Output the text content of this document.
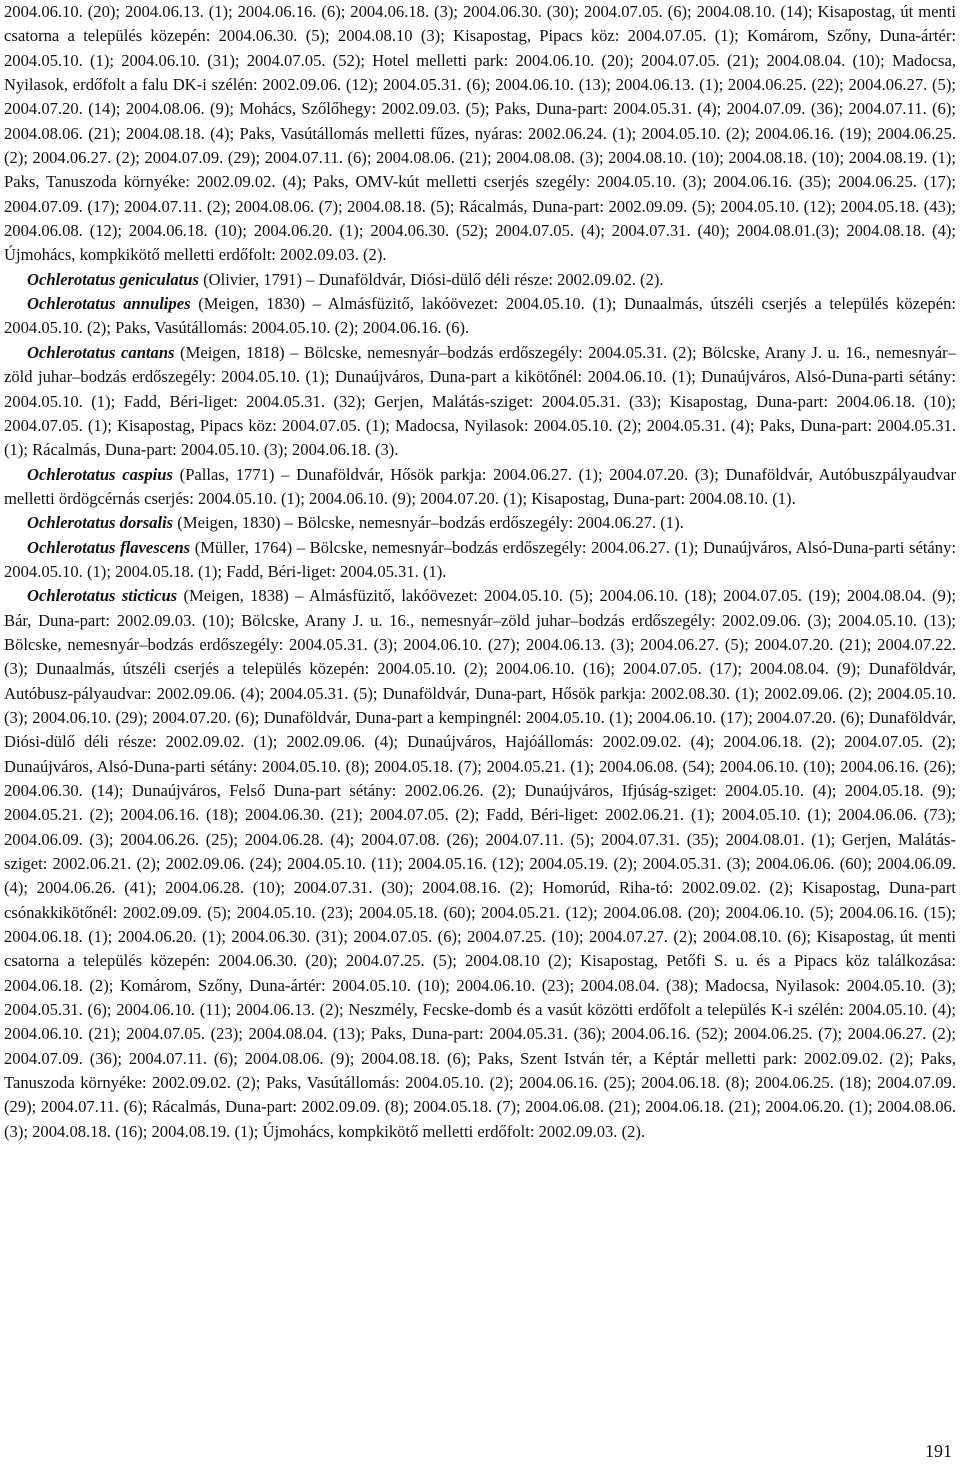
2004.06.10. (20); 2004.06.13. (1); 2004.06.16. (6); 2004.06.18. (3); 2004.06.30. (30); 2004.07.05. (6); 2004.08.10. (14); Kisapostag, út menti csatorna a település közepén: 2004.06.30. (5); 2004.08.10 (3); Kisapostag, Pipacs köz: 2004.07.05. (1); Komárom, Szőny, Duna-ártér: 2004.05.10. (1); 2004.06.10. (31); 2004.07.05. (52); Hotel melletti park: 2004.06.10. (20); 2004.07.05. (21); 2004.08.04. (10); Madocsa, Nyilasok, erdőfolt a falu DK-i szélén: 2002.09.06. (12); 2004.05.31. (6); 2004.06.10. (13); 2004.06.13. (1); 2004.06.25. (22); 2004.06.27. (5); 2004.07.20. (14); 2004.08.06. (9); Mohács, Szőlőhegy: 2002.09.03. (5); Paks, Duna-part: 2004.05.31. (4); 2004.07.09. (36); 2004.07.11. (6); 2004.08.06. (21); 2004.08.18. (4); Paks, Vasútállomás melletti fűzes, nyáras: 2002.06.24. (1); 2004.05.10. (2); 2004.06.16. (19); 2004.06.25. (2); 2004.06.27. (2); 2004.07.09. (29); 2004.07.11. (6); 2004.08.06. (21); 2004.08.08. (3); 2004.08.10. (10); 2004.08.18. (10); 2004.08.19. (1); Paks, Tanuszoda környéke: 2002.09.02. (4); Paks, OMV-kút melletti cserjés szegély: 2004.05.10. (3); 2004.06.16. (35); 2004.06.25. (17); 2004.07.09. (17); 2004.07.11. (2); 2004.08.06. (7); 2004.08.18. (5); Rácalmás, Duna-part: 2002.09.09. (5); 2004.05.10. (12); 2004.05.18. (43); 2004.06.08. (12); 2004.06.18. (10); 2004.06.20. (1); 2004.06.30. (52); 2004.07.05. (4); 2004.07.31. (40); 2004.08.01.(3); 2004.08.18. (4); Újmohács, kompkikötő melletti erdőfolt: 2002.09.03. (2).

Ochlerotatus geniculatus (Olivier, 1791) – Dunaföldvár, Diósi-dülő déli része: 2002.09.02. (2).

Ochlerotatus annulipes (Meigen, 1830) – Almásfüzitő, lakóövezet: 2004.05.10. (1); Dunaalmás, útszéli cserjés a település közepén: 2004.05.10. (2); Paks, Vasútállomás: 2004.05.10. (2); 2004.06.16. (6).

Ochlerotatus cantans (Meigen, 1818) – Bölcske, nemesnyár–bodzás erdőszegély: 2004.05.31. (2); Bölcske, Arany J. u. 16., nemesnyár–zöld juhar–bodzás erdőszegély: 2004.05.10. (1); Dunaújváros, Duna-part a kikötőnél: 2004.06.10. (1); Dunaújváros, Alsó-Duna-parti sétány: 2004.05.10. (1); Fadd, Béri-liget: 2004.05.31. (32); Gerjen, Malátás-sziget: 2004.05.31. (33); Kisapostag, Duna-part: 2004.06.18. (10); 2004.07.05. (1); Kisapostag, Pipacs köz: 2004.07.05. (1); Madocsa, Nyilasok: 2004.05.10. (2); 2004.05.31. (4); Paks, Duna-part: 2004.05.31. (1); Rácalmás, Duna-part: 2004.05.10. (3); 2004.06.18. (3).

Ochlerotatus caspius (Pallas, 1771) – Dunaföldvár, Hősök parkja: 2004.06.27. (1); 2004.07.20. (3); Dunaföldvár, Autóbuszpályaudvar melletti ördögcérnás cserjés: 2004.05.10. (1); 2004.06.10. (9); 2004.07.20. (1); Kisapostag, Duna-part: 2004.08.10. (1).

Ochlerotatus dorsalis (Meigen, 1830) – Bölcske, nemesnyár–bodzás erdőszegély: 2004.06.27. (1).

Ochlerotatus flavescens (Müller, 1764) – Bölcske, nemesnyár–bodzás erdőszegély: 2004.06.27. (1); Dunaújváros, Alsó-Duna-parti sétány: 2004.05.10. (1); 2004.05.18. (1); Fadd, Béri-liget: 2004.05.31. (1).

Ochlerotatus sticticus (Meigen, 1838) – Almásfüzitő, lakóövezet: 2004.05.10. (5); 2004.06.10. (18); 2004.07.05. (19); 2004.08.04. (9); Bár, Duna-part: 2002.09.03. (10); Bölcske, Arany J. u. 16., nemesnyár–zöld juhar–bodzás erdőszegély: 2002.09.06. (3); 2004.05.10. (13); Bölcske, nemesnyár–bodzás erdőszegély: 2004.05.31. (3); 2004.06.10. (27); 2004.06.13. (3); 2004.06.27. (5); 2004.07.20. (21); 2004.07.22. (3); Dunaalmás, útszéli cserjés a település közepén: 2004.05.10. (2); 2004.06.10. (16); 2004.07.05. (17); 2004.08.04. (9); Dunaföldvár, Autóbusz-pályaudvar: 2002.09.06. (4); 2004.05.31. (5); Dunaföldvár, Duna-part, Hősök parkja: 2002.08.30. (1); 2002.09.06. (2); 2004.05.10. (3); 2004.06.10. (29); 2004.07.20. (6); Dunaföldvár, Duna-part a kempingnél: 2004.05.10. (1); 2004.06.10. (17); 2004.07.20. (6); Dunaföldvár, Diósi-dülő déli része: 2002.09.02. (1); 2002.09.06. (4); Dunaújváros, Hajóállomás: 2002.09.02. (4); 2004.06.18. (2); 2004.07.05. (2); Dunaújváros, Alsó-Duna-parti sétány: 2004.05.10. (8); 2004.05.18. (7); 2004.05.21. (1); 2004.06.08. (54); 2004.06.10. (10); 2004.06.16. (26); 2004.06.30. (14); Dunaújváros, Felső Duna-part sétány: 2002.06.26. (2); Dunaújváros, Ifjúság-sziget: 2004.05.10. (4); 2004.05.18. (9); 2004.05.21. (2); 2004.06.16. (18); 2004.06.30. (21); 2004.07.05. (2); Fadd, Béri-liget: 2002.06.21. (1); 2004.05.10. (1); 2004.06.06. (73); 2004.06.09. (3); 2004.06.26. (25); 2004.06.28. (4); 2004.07.08. (26); 2004.07.11. (5); 2004.07.31. (35); 2004.08.01. (1); Gerjen, Malátás-sziget: 2002.06.21. (2); 2002.09.06. (24); 2004.05.10. (11); 2004.05.16. (12); 2004.05.19. (2); 2004.05.31. (3); 2004.06.06. (60); 2004.06.09. (4); 2004.06.26. (41); 2004.06.28. (10); 2004.07.31. (30); 2004.08.16. (2); Homorúd, Riha-tó: 2002.09.02. (2); Kisapostag, Duna-part csónakkikötőnél: 2002.09.09. (5); 2004.05.10. (23); 2004.05.18. (60); 2004.05.21. (12); 2004.06.08. (20); 2004.06.10. (5); 2004.06.16. (15); 2004.06.18. (1); 2004.06.20. (1); 2004.06.30. (31); 2004.07.05. (6); 2004.07.25. (10); 2004.07.27. (2); 2004.08.10. (6); Kisapostag, út menti csatorna a település közepén: 2004.06.30. (20); 2004.07.25. (5); 2004.08.10 (2); Kisapostag, Petőfi S. u. és a Pipacs köz találkozása: 2004.06.18. (2); Komárom, Szőny, Duna-ártér: 2004.05.10. (10); 2004.06.10. (23); 2004.08.04. (38); Madocsa, Nyilasok: 2004.05.10. (3); 2004.05.31. (6); 2004.06.10. (11); 2004.06.13. (2); Neszmély, Fecske-domb és a vasút közötti erdőfolt a település K-i szélén: 2004.05.10. (4); 2004.06.10. (21); 2004.07.05. (23); 2004.08.04. (13); Paks, Duna-part: 2004.05.31. (36); 2004.06.16. (52); 2004.06.25. (7); 2004.06.27. (2); 2004.07.09. (36); 2004.07.11. (6); 2004.08.06. (9); 2004.08.18. (6); Paks, Szent István tér, a Képtár melletti park: 2002.09.02. (2); Paks, Tanuszoda környéke: 2002.09.02. (2); Paks, Vasútállomás: 2004.05.10. (2); 2004.06.16. (25); 2004.06.18. (8); 2004.06.25. (18); 2004.07.09. (29); 2004.07.11. (6); Rácalmás, Duna-part: 2002.09.09. (8); 2004.05.18. (7); 2004.06.08. (21); 2004.06.18. (21); 2004.06.20. (1); 2004.08.06. (3); 2004.08.18. (16); 2004.08.19. (1); Újmohács, kompkikötő melletti erdőfolt: 2002.09.03. (2).

191
